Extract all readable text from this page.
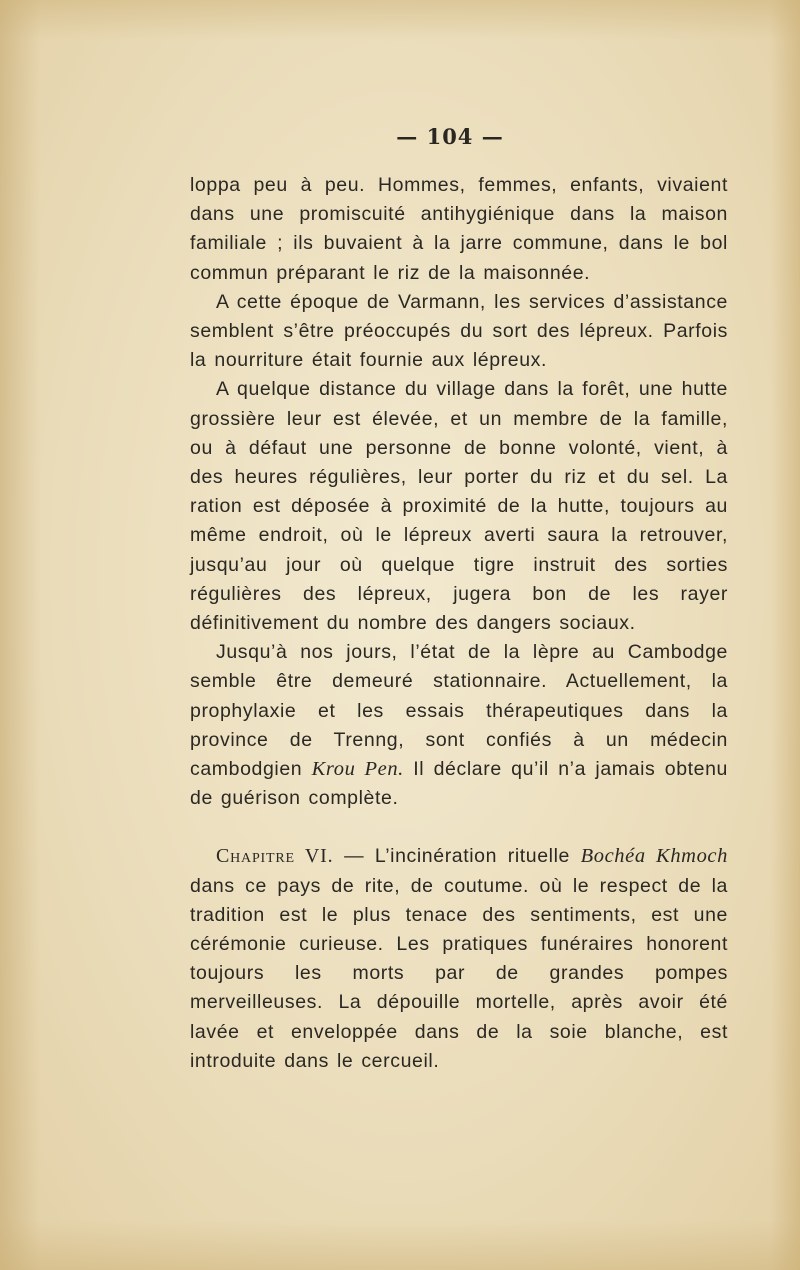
— 104 —

loppa peu à peu. Hommes, femmes, enfants, vivaient dans une promiscuité antihygiénique dans la maison familiale ; ils buvaient à la jarre commune, dans le bol commun préparant le riz de la maisonnée.

A cette époque de Varmann, les services d’assistance semblent s’être préoccupés du sort des lépreux. Parfois la nourriture était fournie aux lépreux.

A quelque distance du village dans la forêt, une hutte grossière leur est élevée, et un membre de la famille, ou à défaut une personne de bonne volonté, vient, à des heures régulières, leur porter du riz et du sel. La ration est déposée à proximité de la hutte, toujours au même endroit, où le lépreux averti saura la retrouver, jusqu’au jour où quelque tigre instruit des sorties régulières des lépreux, jugera bon de les rayer définitivement du nombre des dangers sociaux.

Jusqu’à nos jours, l’état de la lèpre au Cambodge semble être demeuré stationnaire. Actuellement, la prophylaxie et les essais thérapeutiques dans la province de Trenng, sont confiés à un médecin cambodgien Krou Pen. Il déclare qu’il n’a jamais obtenu de guérison complète.

Chapitre VI. — L’incinération rituelle Bochéa Khmoch dans ce pays de rite, de coutume. où le respect de la tradition est le plus tenace des sentiments, est une cérémonie curieuse. Les pratiques funéraires honorent toujours les morts par de grandes pompes merveilleuses. La dépouille mortelle, après avoir été lavée et enveloppée dans de la soie blanche, est introduite dans le cercueil.
